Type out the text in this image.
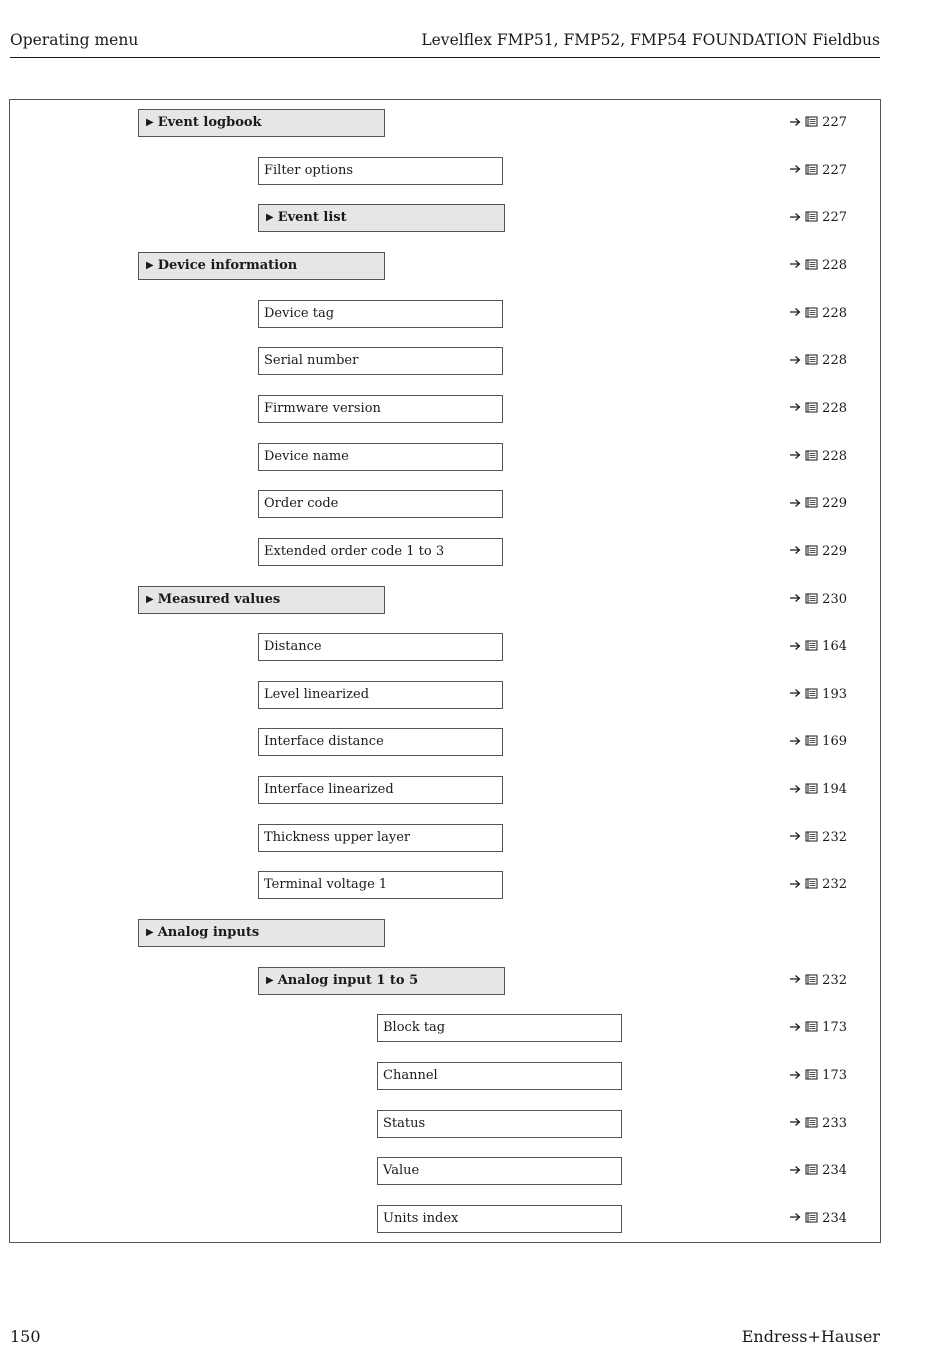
Operating menu	Levelflex FMP51, FMP52, FMP54 FOUNDATION Fieldbus
▶ Event logbook	227
Filter options	227
▶ Event list	227
▶ Device information	228
Device tag	228
Serial number	228
Firmware version	228
Device name	228
Order code	229
Extended order code 1 to 3	229
▶ Measured values	230
Distance	164
Level linearized	193
Interface distance	169
Interface linearized	194
Thickness upper layer	232
Terminal voltage 1	232
▶ Analog inputs
▶ Analog input 1 to 5	232
Block tag	173
Channel	173
Status	233
Value	234
Units index	234
150	Endress+Hauser
